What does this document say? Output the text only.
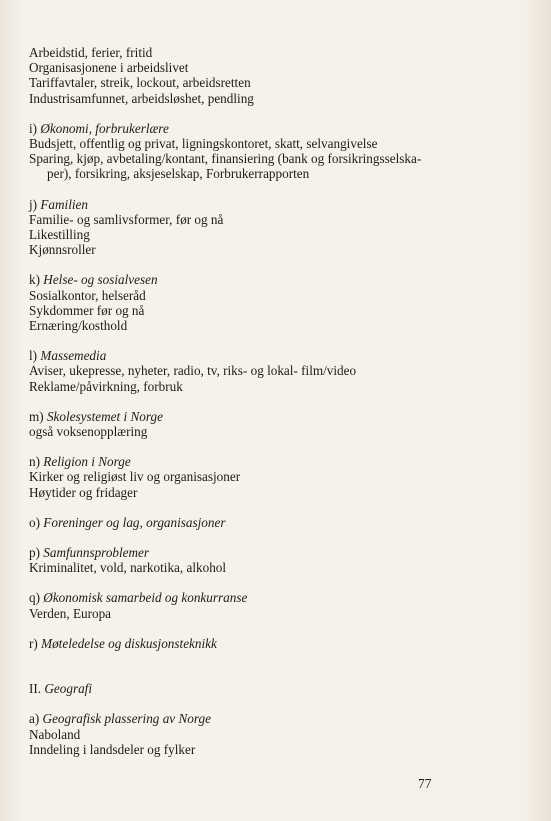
Arbeidstid, ferier, fritid
Organisasjonene i arbeidslivet
Tariffavtaler, streik, lockout, arbeidsretten
Industrisamfunnet, arbeidsløshet, pendling
i) Økonomi, forbrukerlære
Budsjett, offentlig og privat, ligningskontoret, skatt, selvangivelse
Sparing, kjøp, avbetaling/kontant, finansiering (bank og forsikringsselska-
per), forsikring, aksjeselskap, Forbrukerrapporten
j) Familien
Familie- og samlivsformer, før og nå
Likestilling
Kjønnsroller
k) Helse- og sosialvesen
Sosialkontor, helseråd
Sykdommer før og nå
Ernæring/kosthold
l) Massemedia
Aviser, ukepresse, nyheter, radio, tv, riks- og lokal- film/video
Reklame/påvirkning, forbruk
m) Skolesystemet i Norge
også voksenopplæring
n) Religion i Norge
Kirker og religiøst liv og organisasjoner
Høytider og fridager
o) Foreninger og lag, organisasjoner
p) Samfunnsproblemer
Kriminalitet, vold, narkotika, alkohol
q) Økonomisk samarbeid og konkurranse
Verden, Europa
r) Møteledelse og diskusjonsteknikk
II. Geografi
a) Geografisk plassering av Norge
Naboland
Inndeling i landsdeler og fylker
77
